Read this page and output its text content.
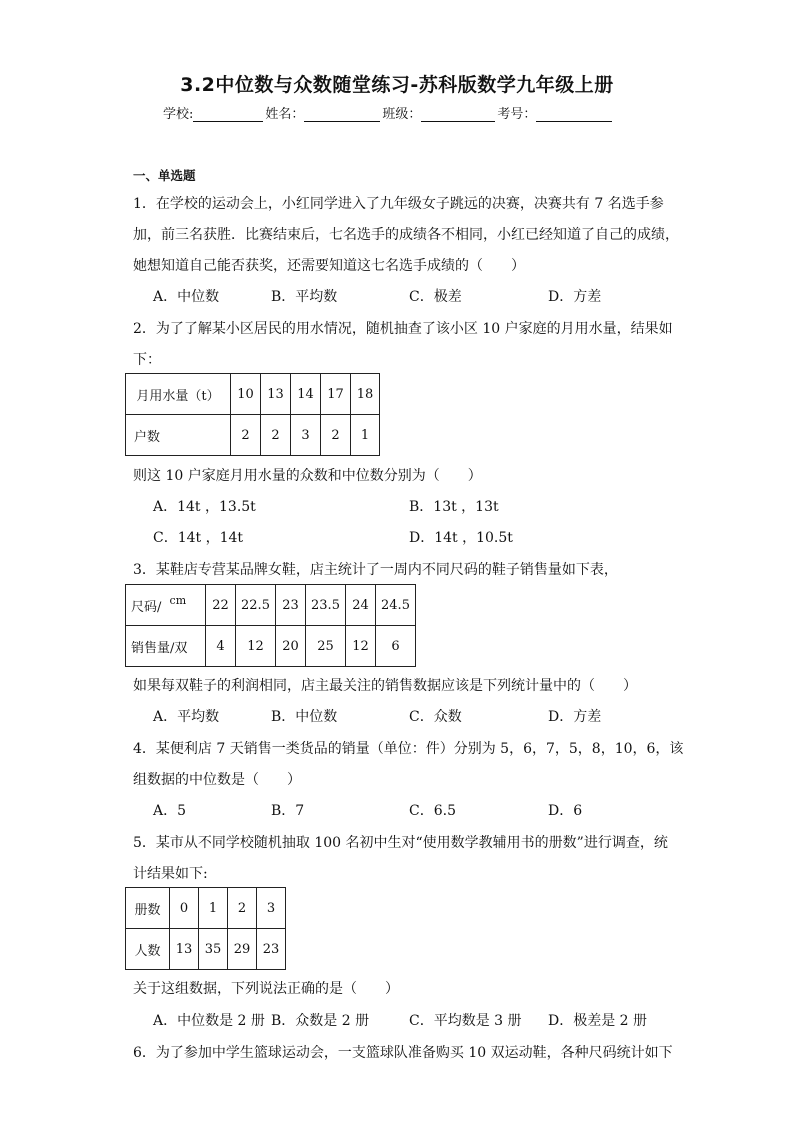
3.2中位数与众数随堂练习-苏科版数学九年级上册
学校:	姓名：	班级：	考号：
一、单选题
1．在学校的运动会上，小红同学进入了九年级女子跳远的决赛，决赛共有 7 名选手参
加，前三名获胜．比赛结束后，七名选手的成绩各不相同，小红已经知道了自己的成绩，
她想知道自己能否获奖，还需要知道这七名选手成绩的（　　）
A．中位数	B．平均数	C．极差	D．方差
2．为了了解某小区居民的用水情况，随机抽查了该小区 10 户家庭的月用水量，结果如
下：
月用水量（t）	10	13	14	17	18
户数	2	2	3	2	1
则这 10 户家庭月用水量的众数和中位数分别为（　　）
A．14t ，13.5t	B．13t ，13t
C．14t ，14t	D．14t ，10.5t
3．某鞋店专营某品牌女鞋，店主统计了一周内不同尺码的鞋子销售量如下表，
尺码/ $^{cm}$	22	22.5	23	23.5	24	24.5
销售量/双	4	12	20	25	12	6
如果每双鞋子的利润相同，店主最关注的销售数据应该是下列统计量中的（　　）
A．平均数	B．中位数	C．众数	D．方差
4．某便利店 7 天销售一类货品的销量（单位：件）分别为 5，6，7，5，8，10，6，该
组数据的中位数是（　　）
A．5	B．7	C．6.5	D．6
5．某市从不同学校随机抽取 100 名初中生对“使用数学教辅用书的册数”进行调查，统
计结果如下:
册数	0	1	2	3
人数	13	35	29	23
关于这组数据，下列说法正确的是（　　）
A．中位数是 2 册 B．众数是 2 册	C．平均数是 3 册 D．极差是 2 册
6．为了参加中学生篮球运动会，一支篮球队准备购买 10 双运动鞋，各种尺码统计如下
